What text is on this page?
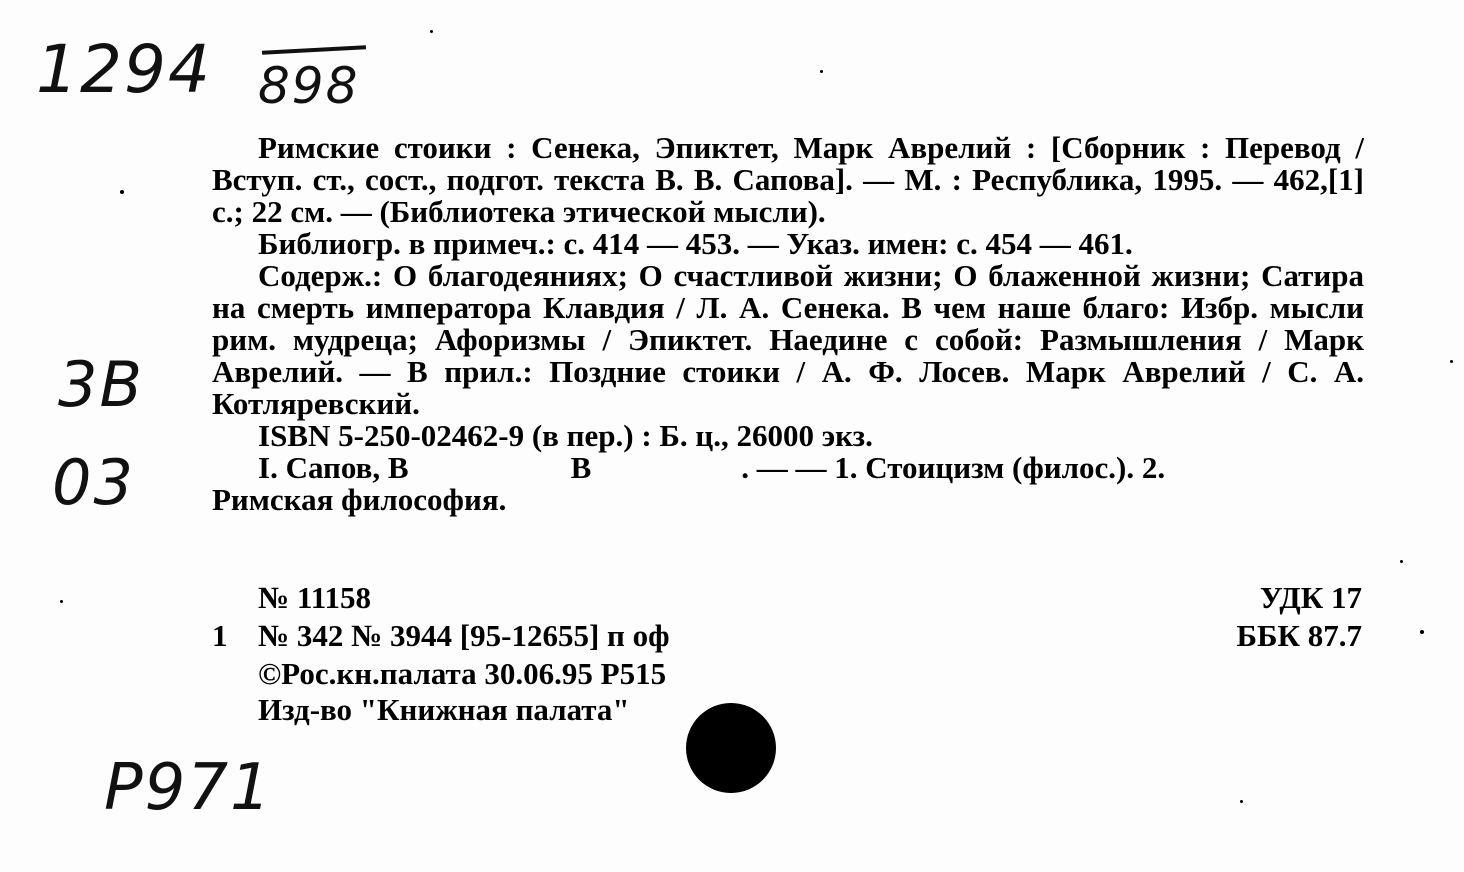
1294 898
3В
03
Р971

Римские стоики : Сенека, Эпиктет, Марк Аврелий : [Сборник : Перевод / Вступ. ст., сост., подгот. текста В. В. Сапова]. — М. : Республика, 1995. — 462,[1] с.; 22 см. — (Библиотека этической мысли).

Библиогр. в примеч.: с. 414 — 453. — Указ. имен: с. 454 — 461.

Содерж.: О благодеяниях; О счастливой жизни; О блаженной жизни; Сатира на смерть императора Клавдия / Л. А. Сенека. В чем наше благо: Избр. мысли рим. мудреца; Афоризмы / Эпиктет. Наедине с собой: Размышления / Марк Аврелий. — В прил.: Поздние стоики / А. Ф. Лосев. Марк Аврелий / С. А. Котляревский.

ISBN 5-250-02462-9 (в пер.) : Б. ц., 26000 экз.

I. Сапов, В	В	. — — 1. Стоицизм (филос.). 2.

Римская философия.

№ 11158
1 № 342 № 3944 [95-12655] п оф
©Рос.кн.палата 30.06.95 Р515
Изд-во "Книжная палата"
УДК 17
ББК 87.7
